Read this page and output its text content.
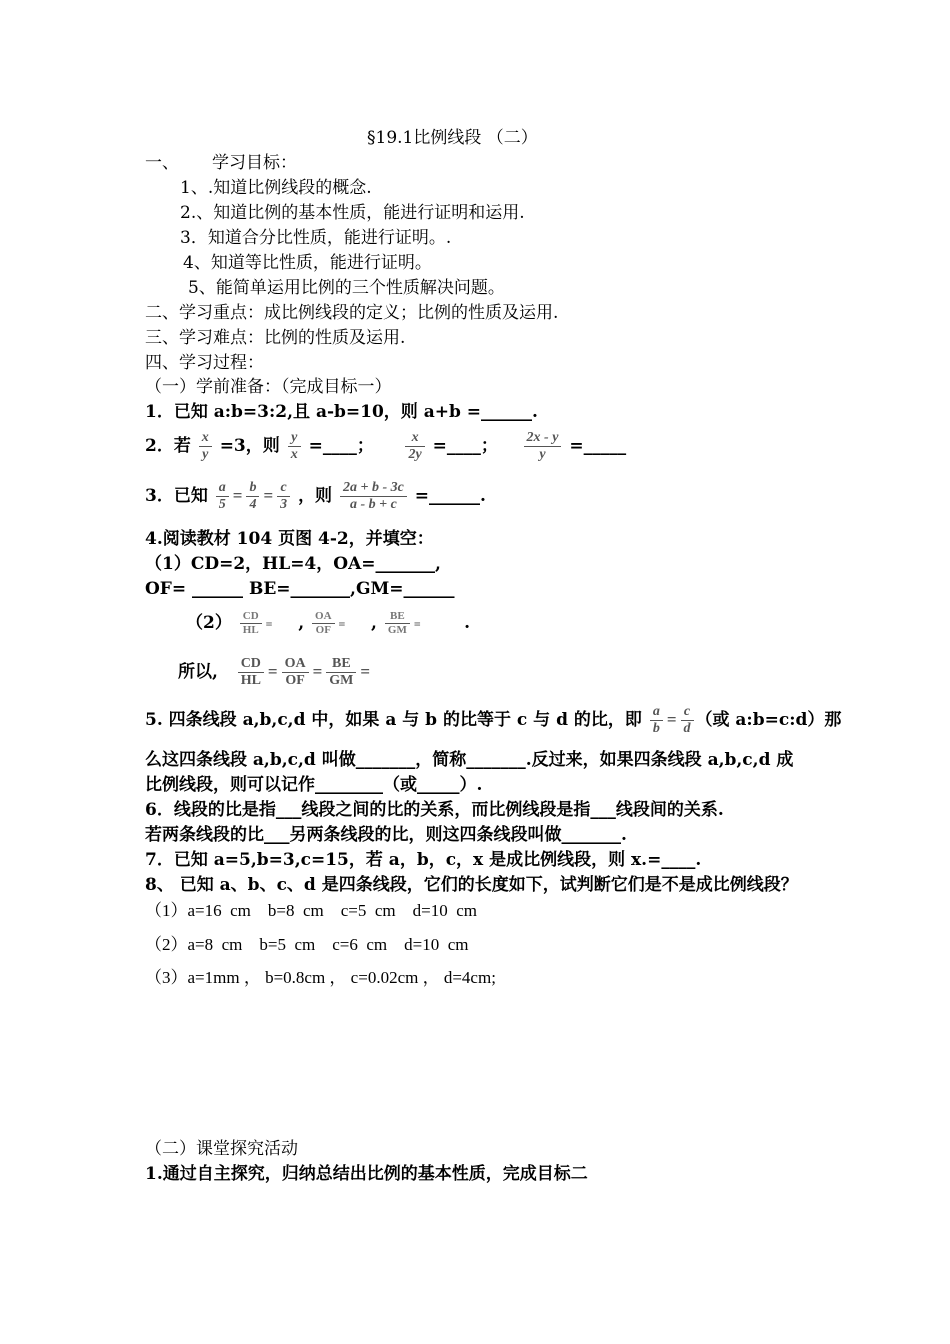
§19.1比例线段 （二）
一、 学习目标：
1、.知道比例线段的概念.
2.、知道比例的基本性质，能进行证明和运用.
3．知道合分比性质，能进行证明。.
4、知道等比性质，能进行证明。
5、能简单运用比例的三个性质解决问题。
二、学习重点：成比例线段的定义；比例的性质及运用.
三、学习难点：比例的性质及运用.
四、学习过程：
（一）学前准备：（完成目标一）
1．已知 a:b=3:2,且 a-b=10，则 a+b =______.
2．若 $\frac{x}{y} =3$，则 $\frac{y}{x}$ =____； $\frac{x}{2y}$ =____； $\frac{2x - y}{y}$ =_____
3．已知 $\frac{a}{5} = \frac{b}{4} = \frac{c}{3}$ ，则 $\frac{2a + b - 3c}{a - b + c}$ =______.
4.阅读教材 104 页图 4-2，并填空：
（1）CD=2，HL=4，OA=_______,
OF= ______ BE=_______,GM=______
$(2) \frac{CD}{HL}$ =    , $\frac{OA}{OF}$ =    , $\frac{BE}{GM}$ =       .
所以, $\frac{CD}{HL} = \frac{OA}{OF} = \frac{BE}{GM}$ =
5. 四条线段 a,b,c,d 中，如果 a 与 b 的比等于 c 与 d 的比，即 $\frac{a}{b} = \frac{c}{d}$ （或 a:b=c:d）那
么这四条线段 a,b,c,d 叫做_______，简称_______.反过来，如果四条线段 a,b,c,d 成
比例线段，则可以记作________（或_____）.
6．线段的比是指___线段之间的比的关系，而比例线段是指___线段间的关系.
若两条线段的比___另两条线段的比，则这四条线段叫做_______.
7．已知 a=5,b=3,c=15，若 a，b，c，x 是成比例线段，则 x.=____.
8、 已知 a、b、c、d 是四条线段，它们的长度如下，试判断它们是不是成比例线段？
（1）a=16  cm    b=8  cm    c=5  cm    d=10  cm
（2）a=8  cm    b=5  cm    c=6  cm    d=10  cm
（3）a=1mm ， b=0.8cm ， c=0.02cm ， d=4cm;
（二）课堂探究活动
1.通过自主探究，归纳总结出比例的基本性质，完成目标二
